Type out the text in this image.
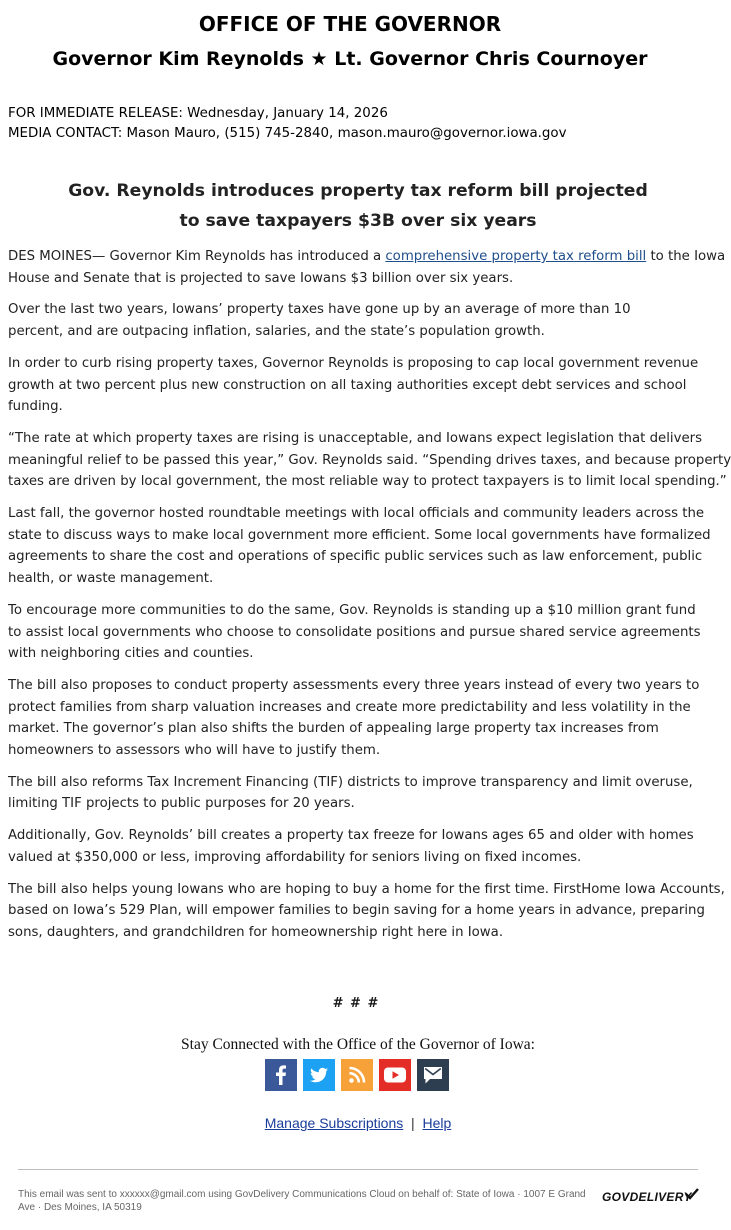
OFFICE OF THE GOVERNOR
Governor Kim Reynolds ★ Lt. Governor Chris Cournoyer
FOR IMMEDIATE RELEASE: Wednesday, January 14, 2026
MEDIA CONTACT: Mason Mauro, (515) 745-2840, mason.mauro@governor.iowa.gov
Gov. Reynolds introduces property tax reform bill projected
to save taxpayers $3B over six years

DES MOINES— Governor Kim Reynolds has introduced a comprehensive property tax reform bill to the Iowa
House and Senate that is projected to save Iowans $3 billion over six years.

Over the last two years, Iowans’ property taxes have gone up by an average of more than 10
percent, and are outpacing inflation, salaries, and the state’s population growth.

In order to curb rising property taxes, Governor Reynolds is proposing to cap local government revenue
growth at two percent plus new construction on all taxing authorities except debt services and school
funding.

“The rate at which property taxes are rising is unacceptable, and Iowans expect legislation that delivers
meaningful relief to be passed this year,” Gov. Reynolds said. “Spending drives taxes, and because property
taxes are driven by local government, the most reliable way to protect taxpayers is to limit local spending.”

Last fall, the governor hosted roundtable meetings with local officials and community leaders across the
state to discuss ways to make local government more efficient. Some local governments have formalized
agreements to share the cost and operations of specific public services such as law enforcement, public
health, or waste management.

To encourage more communities to do the same, Gov. Reynolds is standing up a $10 million grant fund
to assist local governments who choose to consolidate positions and pursue shared service agreements
with neighboring cities and counties.

The bill also proposes to conduct property assessments every three years instead of every two years to
protect families from sharp valuation increases and create more predictability and less volatility in the
market. The governor’s plan also shifts the burden of appealing large property tax increases from
homeowners to assessors who will have to justify them.

The bill also reforms Tax Increment Financing (TIF) districts to improve transparency and limit overuse,
limiting TIF projects to public purposes for 20 years.

Additionally, Gov. Reynolds’ bill creates a property tax freeze for Iowans ages 65 and older with homes
valued at $350,000 or less, improving affordability for seniors living on fixed incomes.

The bill also helps young Iowans who are hoping to buy a home for the first time. FirstHome Iowa Accounts,
based on Iowa’s 529 Plan, will empower families to begin saving for a home years in advance, preparing
sons, daughters, and grandchildren for homeownership right here in Iowa.

# # #
Stay Connected with the Office of the Governor of Iowa:
Manage Subscriptions | Help
This email was sent to xxxxxx@gmail.com using GovDelivery Communications Cloud on behalf of: State of Iowa · 1007 E Grand
Ave · Des Moines, IA 50319
GOVDELIVERY
